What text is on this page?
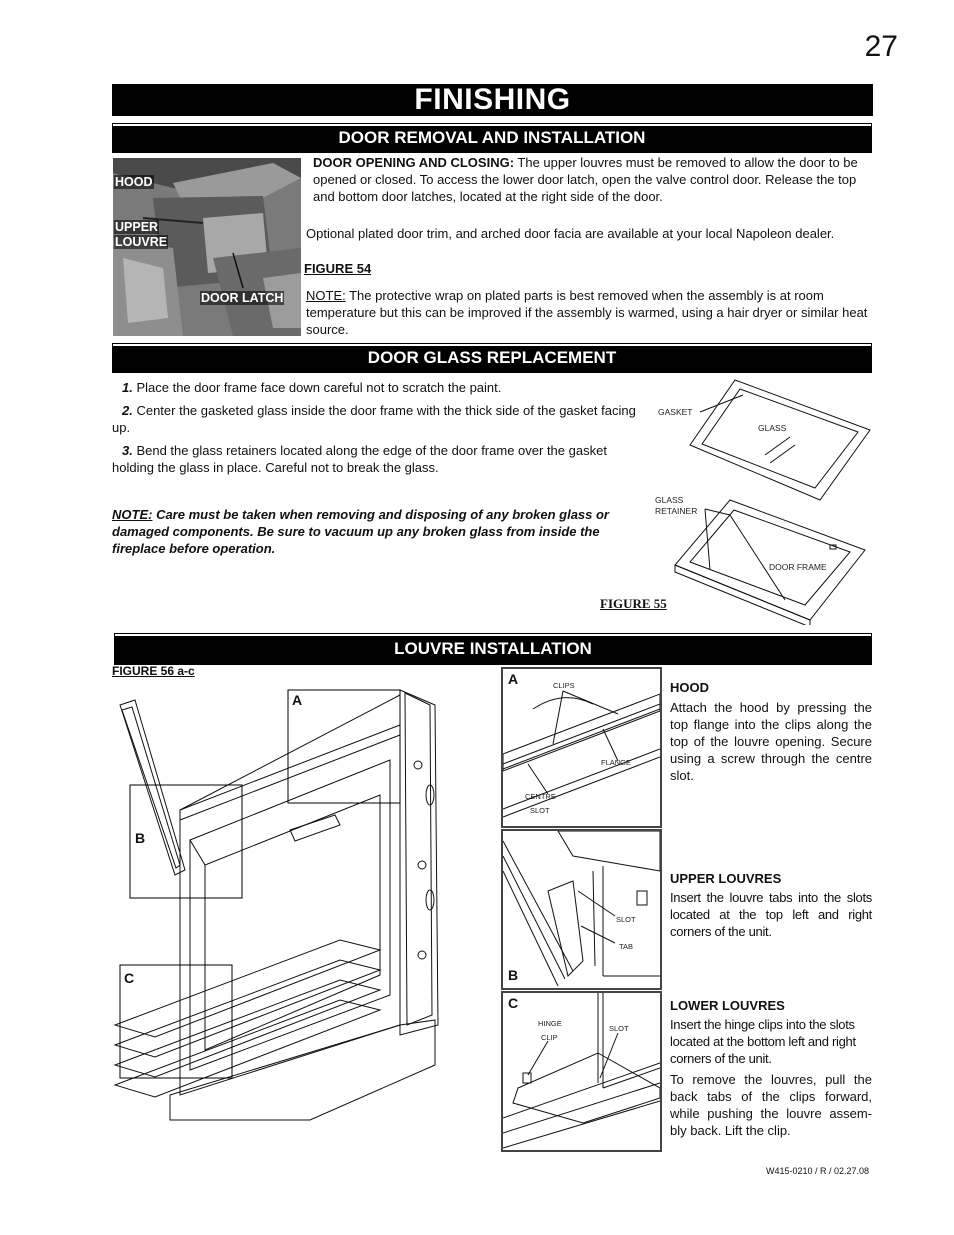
27
FINISHING
DOOR REMOVAL AND INSTALLATION
HOOD
UPPER
LOUVRE
DOOR LATCH
DOOR OPENING AND CLOSING: The upper louvres must be removed to allow the door to be opened or closed. To access the lower door latch, open the valve control door. Release the top and bottom door latches, located at the right side of the door.
Optional plated door trim, and arched door facia are available at your local Napoleon dealer.
FIGURE 54
NOTE: The protective wrap on plated parts is best removed when the assembly is at room temperature but this can be improved if the assembly is warmed, using a hair dryer or similar heat source.
DOOR GLASS REPLACEMENT
1. Place the door frame face down careful not to scratch the paint.
2. Center the gasketed glass inside the door frame with the thick side of the gasket facing up.
3. Bend the glass retainers located along the edge of the door frame over the gasket holding the glass in place. Careful not to break the glass.
NOTE: Care must be taken when removing and disposing of any broken glass or damaged components. Be sure to vacuum up any broken glass from inside the fireplace before operation.
GASKET
GLASS
GLASS
RETAINER
DOOR FRAME
FIGURE 55
LOUVRE INSTALLATION
FIGURE 56 a-c
A
B
C
A	CLIPS
FLANGE
CENTRE
SLOT
B
SLOT
TAB
C
HINGE
CLIP
SLOT
HOOD
Attach the hood by pressing the top flange into the clips along the top of the louvre opening. Secure using a screw through the centre slot.
UPPER LOUVRES
Insert the louvre tabs into the slots located at the top left and right corners of the unit.
LOWER LOUVRES
Insert the hinge clips into the slots located at the bottom left and right corners of the unit.
To remove the louvres, pull the back tabs of the clips forward, while pushing the louvre assem-bly back. Lift the clip.
W415-0210 / R / 02.27.08
